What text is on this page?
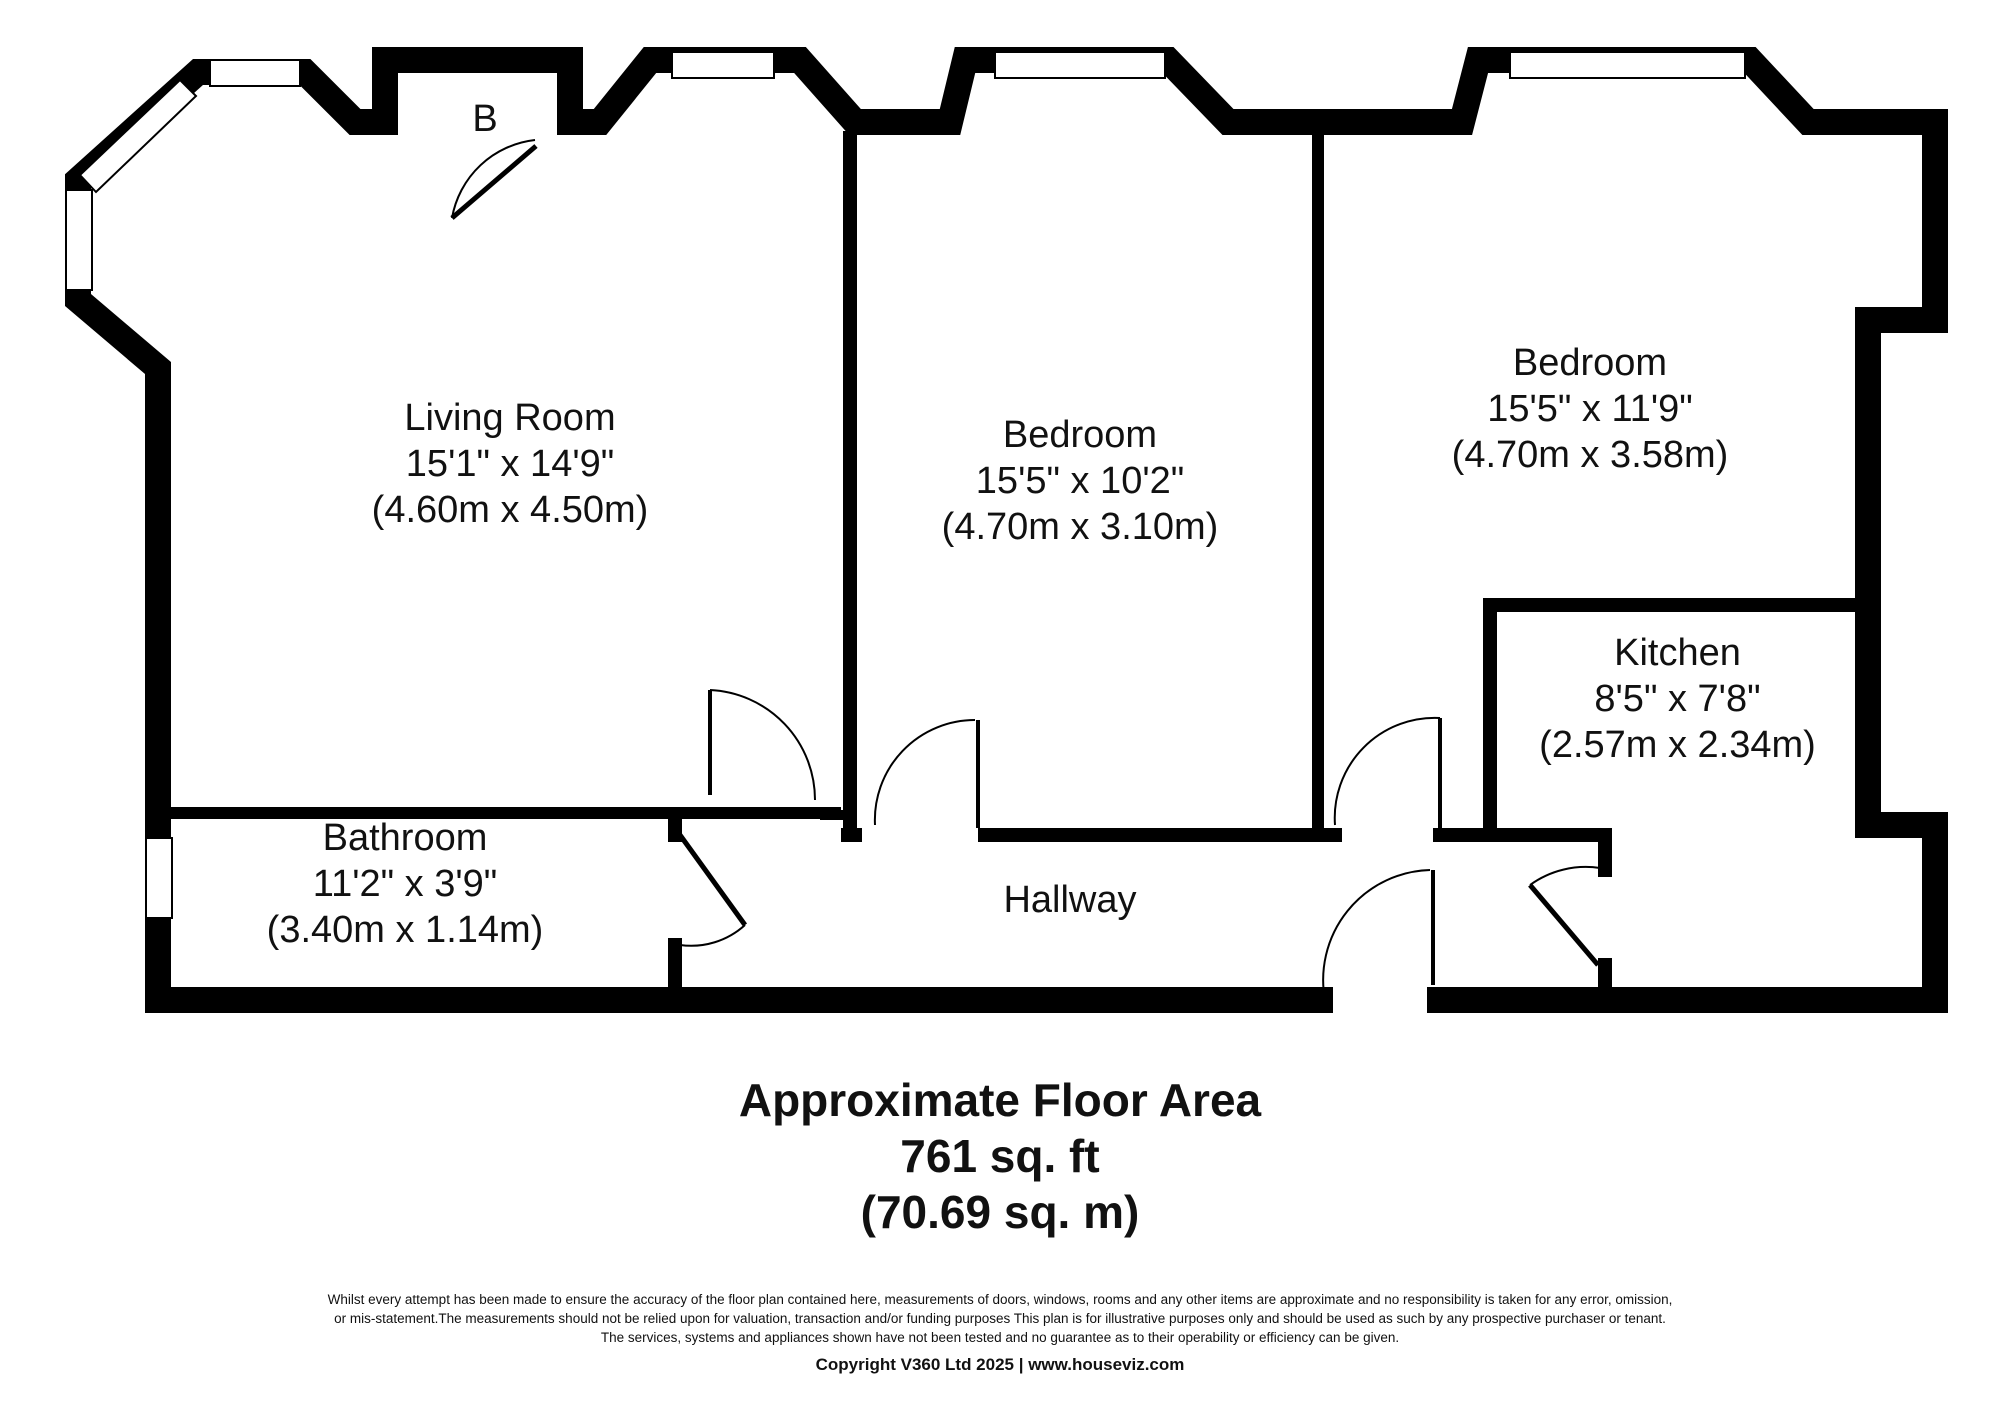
B
Living Room
15'1" x 14'9"
(4.60m x 4.50m)
Bedroom
15'5" x 10'2"
(4.70m x 3.10m)
Bedroom
15'5" x 11'9"
(4.70m x 3.58m)
Kitchen
8'5" x 7'8"
(2.57m x 2.34m)
Bathroom
11'2" x 3'9"
(3.40m x 1.14m)
Hallway
Approximate Floor Area
761 sq. ft
(70.69 sq. m)
Whilst every attempt has been made to ensure the accuracy of the floor plan contained here, measurements of doors, windows, rooms and any other items are approximate and no responsibility is taken for any error, omission,
or mis-statement.The measurements should not be relied upon for valuation, transaction and/or funding purposes This plan is for illustrative purposes only and should be used as such by any prospective purchaser or tenant.
The services, systems and appliances shown have not been tested and no guarantee as to their operability or efficiency can be given.
Copyright V360 Ltd 2025 | www.houseviz.com
